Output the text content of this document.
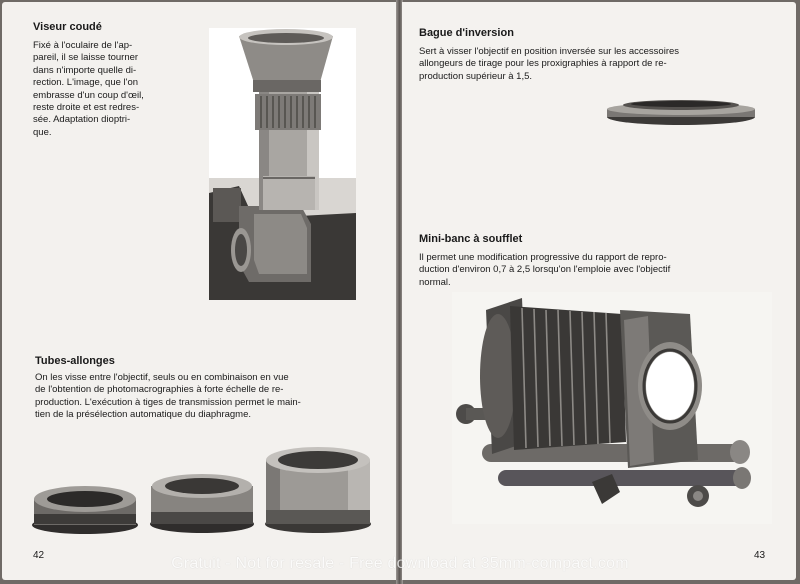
Viseur coudé
Fixé à l'oculaire de l'ap-
pareil, il se laisse tourner
dans n'importe quelle di-
rection. L'image, que l'on
embrasse d'un coup d'œil,
reste droite et est redres-
sée. Adaptation dioptri-
que.
Tubes-allonges
On les visse entre l'objectif, seuls ou en combinaison en vue
de l'obtention de photomacrographies à forte échelle de re-
production. L'exécution à tiges de transmission permet le main-
tien de la présélection automatique du diaphragme.
42
Bague d'inversion
Sert à visser l'objectif en position inversée sur les accessoires
allongeurs de tirage pour les proxigraphies à rapport de re-
production supérieur à 1,5.
Mini-banc à soufflet
Il permet une modification progressive du rapport de repro-
duction d'environ 0,7 à 2,5 lorsqu'on l'emploie avec l'objectif
normal.
43
Gratuit - Not for resale - Free download at 35mm-compact.com
